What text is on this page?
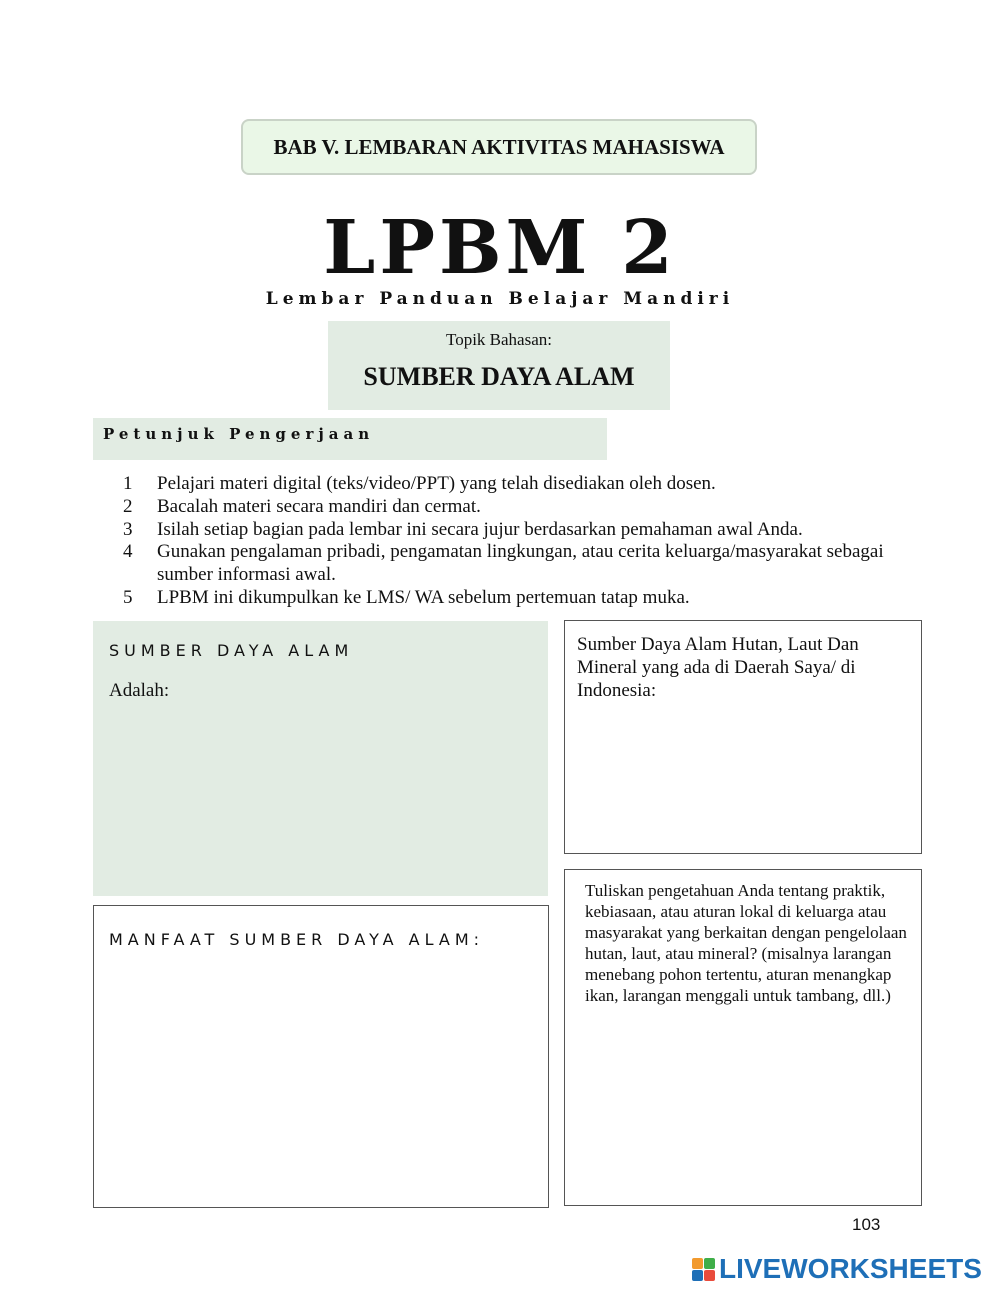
BAB V. LEMBARAN AKTIVITAS MAHASISWA
LPBM 2
Lembar Panduan Belajar Mandiri
Topik Bahasan:
SUMBER DAYA ALAM
Petunjuk Pengerjaan
1	Pelajari materi digital (teks/video/PPT) yang telah disediakan oleh dosen.
2	Bacalah materi secara mandiri dan cermat.
3	Isilah setiap bagian pada lembar ini secara jujur berdasarkan pemahaman awal Anda.
4	Gunakan pengalaman pribadi, pengamatan lingkungan, atau cerita keluarga/masyarakat sebagai sumber informasi awal.
5	LPBM ini dikumpulkan ke LMS/ WA sebelum pertemuan tatap muka.
SUMBER DAYA ALAM
Adalah:
Sumber Daya Alam Hutan, Laut Dan Mineral yang ada di Daerah Saya/ di Indonesia:
Tuliskan pengetahuan Anda tentang praktik, kebiasaan, atau aturan lokal di keluarga atau masyarakat yang berkaitan dengan pengelolaan hutan, laut, atau mineral? (misalnya larangan menebang pohon tertentu, aturan menangkap ikan, larangan menggali untuk tambang, dll.)
MANFAAT SUMBER DAYA ALAM:
103
LIVEWORKSHEETS
